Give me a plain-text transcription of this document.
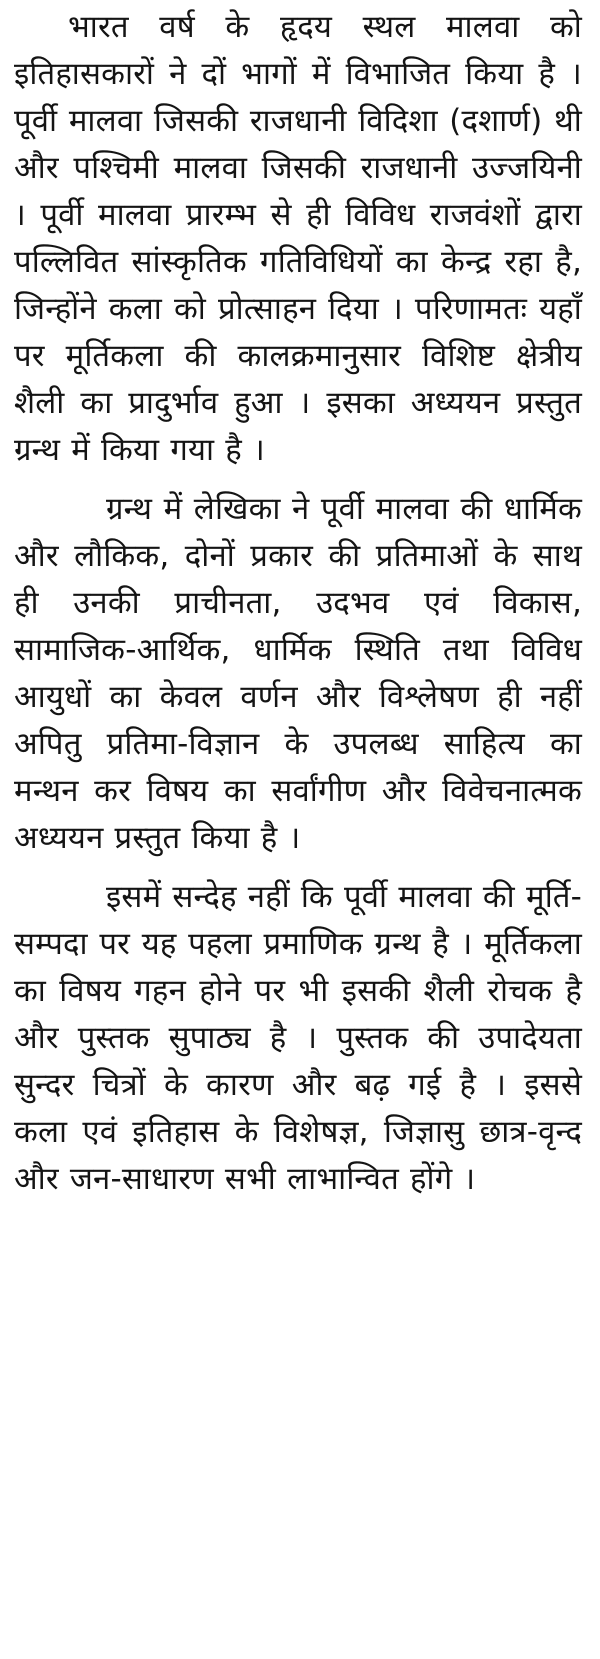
भारत वर्ष के हृदय स्थल मालवा को इतिहासकारों ने दों भागों में विभाजित किया है । पूर्वी मालवा जिसकी राजधानी विदिशा (दशार्ण) थी और पश्चिमी मालवा जिसकी राजधानी उज्जयिनी । पूर्वी मालवा प्रारम्भ से ही विविध राजवंशों द्वारा पल्लिवित सांस्कृतिक गतिविधियों का केन्द्र रहा है, जिन्होंने कला को प्रोत्साहन दिया । परिणामतः यहाँ पर मूर्तिकला की कालक्रमानुसार विशिष्ट क्षेत्रीय शैली का प्रादुर्भाव हुआ । इसका अध्ययन प्रस्तुत ग्रन्थ में किया गया है ।

ग्रन्थ में लेखिका ने पूर्वी मालवा की धार्मिक और लौकिक, दोनों प्रकार की प्रतिमाओं के साथ ही उनकी प्राचीनता, उदभव एवं विकास, सामाजिक-आर्थिक, धार्मिक स्थिति तथा विविध आयुधों का केवल वर्णन और विश्लेषण ही नहीं अपितु प्रतिमा-विज्ञान के उपलब्ध साहित्य का मन्थन कर विषय का सर्वांगीण और विवेचनात्मक अध्ययन प्रस्तुत किया है ।

इसमें सन्देह नहीं कि पूर्वी मालवा की मूर्ति-सम्पदा पर यह पहला प्रमाणिक ग्रन्थ है । मूर्तिकला का विषय गहन होने पर भी इसकी शैली रोचक है और पुस्तक सुपाठ्य है । पुस्तक की उपादेयता सुन्दर चित्रों के कारण और बढ़ गई है । इससे कला एवं इतिहास के विशेषज्ञ, जिज्ञासु छात्र-वृन्द और जन-साधारण सभी लाभान्वित होंगे ।
